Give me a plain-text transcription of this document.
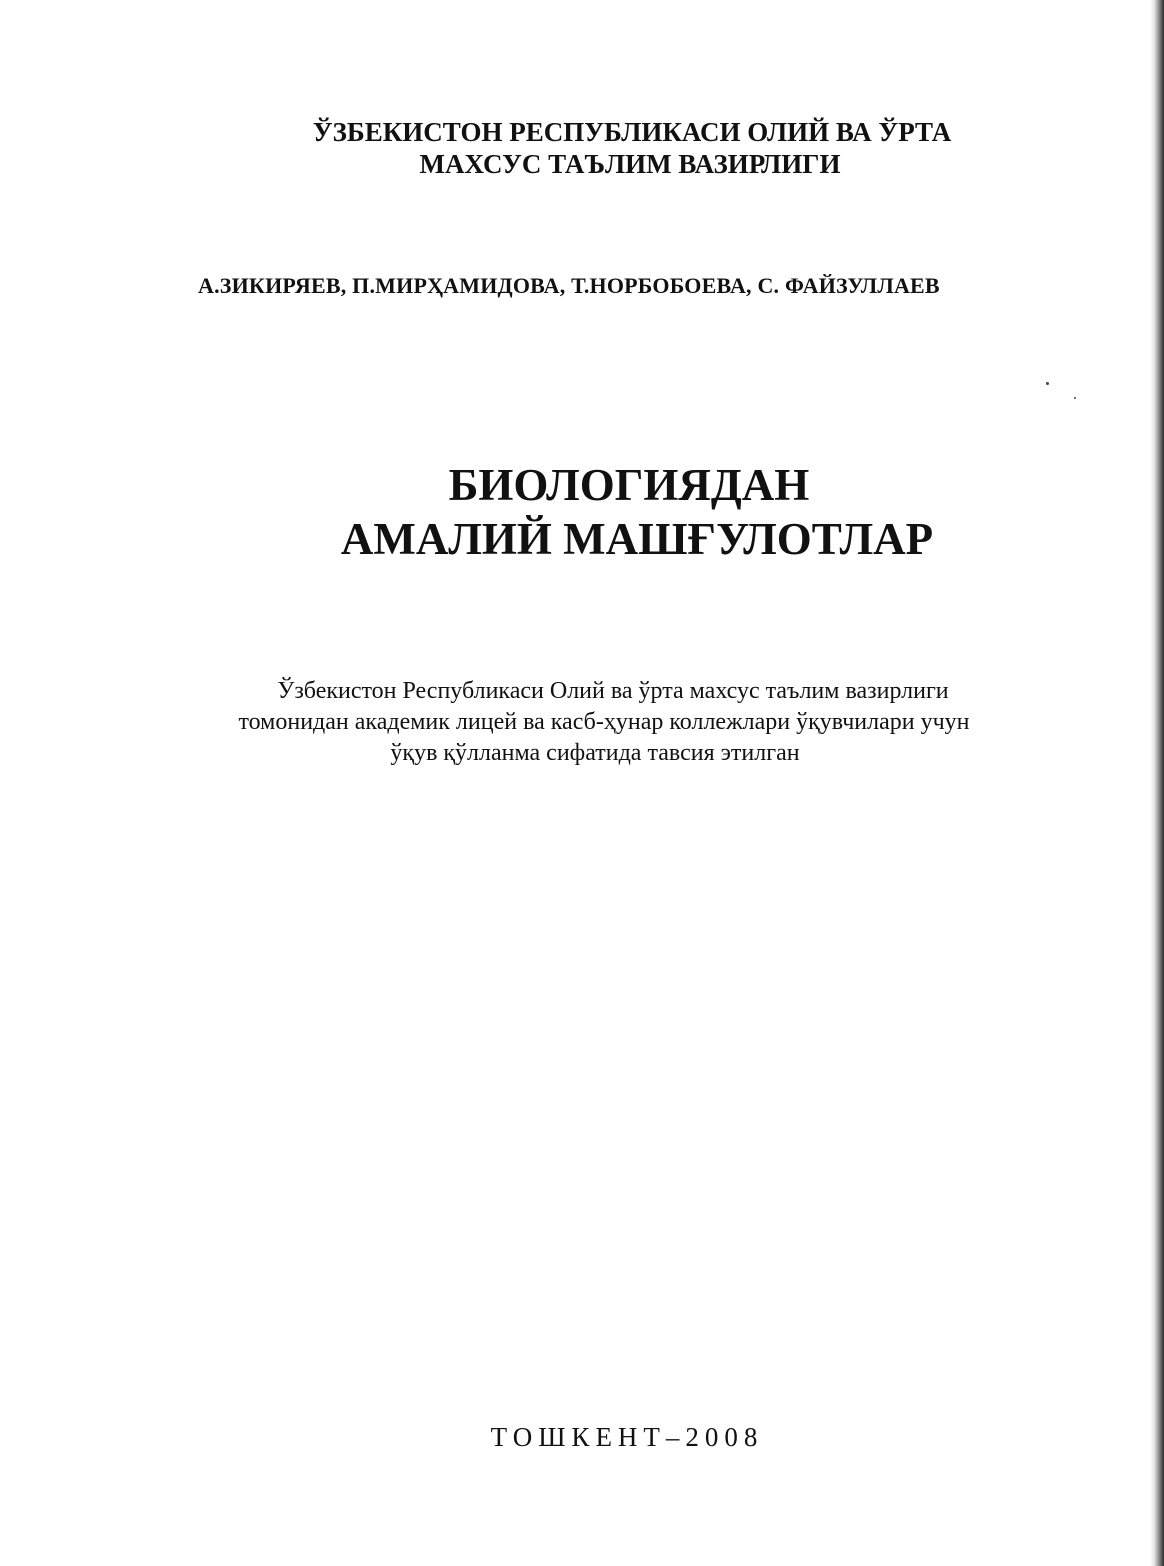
ЎЗБЕКИСТОН РЕСПУБЛИКАСИ ОЛИЙ ВА ЎРТА
МАХСУС ТАЪЛИМ ВАЗИРЛИГИ
А.ЗИКИРЯЕВ, П.МИРҲАМИДОВА, Т.НОРБОБОЕВА, С. ФАЙЗУЛЛАЕВ
БИОЛОГИЯДАН
АМАЛИЙ МАШҒУЛОТЛАР
Ўзбекистон Республикаси Олий ва ўрта махсус таълим вазирлиги
томонидан академик лицей ва касб-ҳунар коллежлари ўқувчилари учун
ўқув қўлланма сифатида тавсия этилган
ТОШКЕНТ–2008
